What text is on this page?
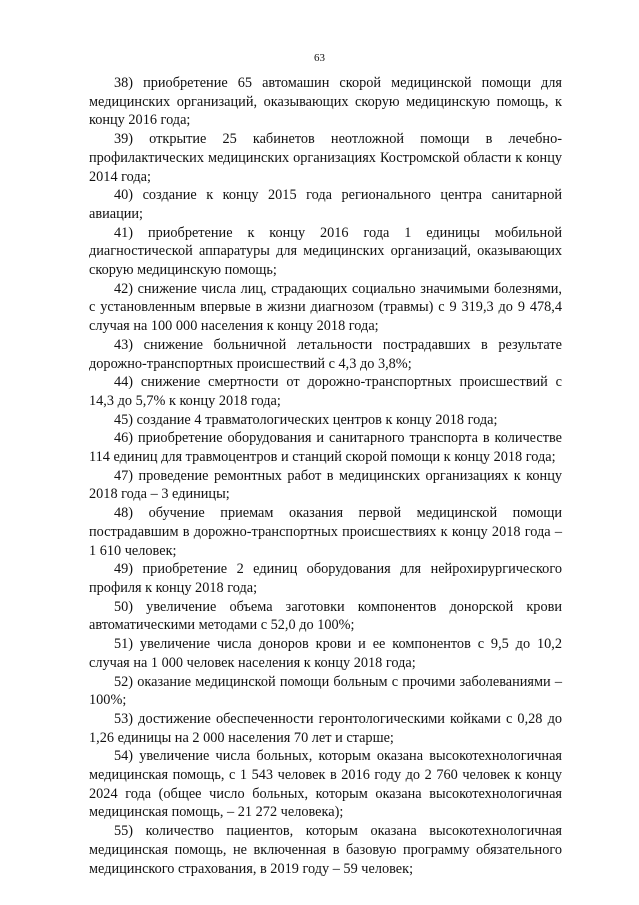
63

38) приобретение 65 автомашин скорой медицинской помощи для медицинских организаций, оказывающих скорую медицинскую помощь, к концу 2016 года;

39) открытие 25 кабинетов неотложной помощи в лечебно-профилактических медицинских организациях Костромской области к концу 2014 года;

40) создание к концу 2015 года регионального центра санитарной авиации;

41) приобретение к концу 2016 года 1 единицы мобильной диагностической аппаратуры для медицинских организаций, оказывающих скорую медицинскую помощь;

42) снижение числа лиц, страдающих социально значимыми болезнями, с установленным впервые в жизни диагнозом (травмы) с 9 319,3 до 9 478,4 случая на 100 000 населения к концу 2018 года;

43) снижение больничной летальности пострадавших в результате дорожно-транспортных происшествий с 4,3 до 3,8%;

44) снижение смертности от дорожно-транспортных происшествий с 14,3 до 5,7% к концу 2018 года;

45) создание 4 травматологических центров к концу 2018 года;

46) приобретение оборудования и санитарного транспорта в количестве 114 единиц для травмоцентров и станций скорой помощи к концу 2018 года;

47) проведение ремонтных работ в медицинских организациях к концу 2018 года – 3 единицы;

48) обучение приемам оказания первой медицинской помощи пострадавшим в дорожно-транспортных происшествиях к концу 2018 года – 1 610 человек;

49) приобретение 2 единиц оборудования для нейрохирургического профиля к концу 2018 года;

50) увеличение объема заготовки компонентов донорской крови автоматическими методами с 52,0 до 100%;

51) увеличение числа доноров крови и ее компонентов с 9,5 до 10,2 случая на 1 000 человек населения к концу 2018 года;

52) оказание медицинской помощи больным с прочими заболеваниями – 100%;

53) достижение обеспеченности геронтологическими койками с 0,28 до 1,26 единицы на 2 000 населения 70 лет и старше;

54) увеличение числа больных, которым оказана высокотехнологичная медицинская помощь, с 1 543 человек в 2016 году до 2 760 человек к концу 2024 года (общее число больных, которым оказана высокотехнологичная медицинская помощь, – 21 272 человека);

55) количество пациентов, которым оказана высокотехнологичная медицинская помощь, не включенная в базовую программу обязательного медицинского страхования, в 2019 году – 59 человек;
